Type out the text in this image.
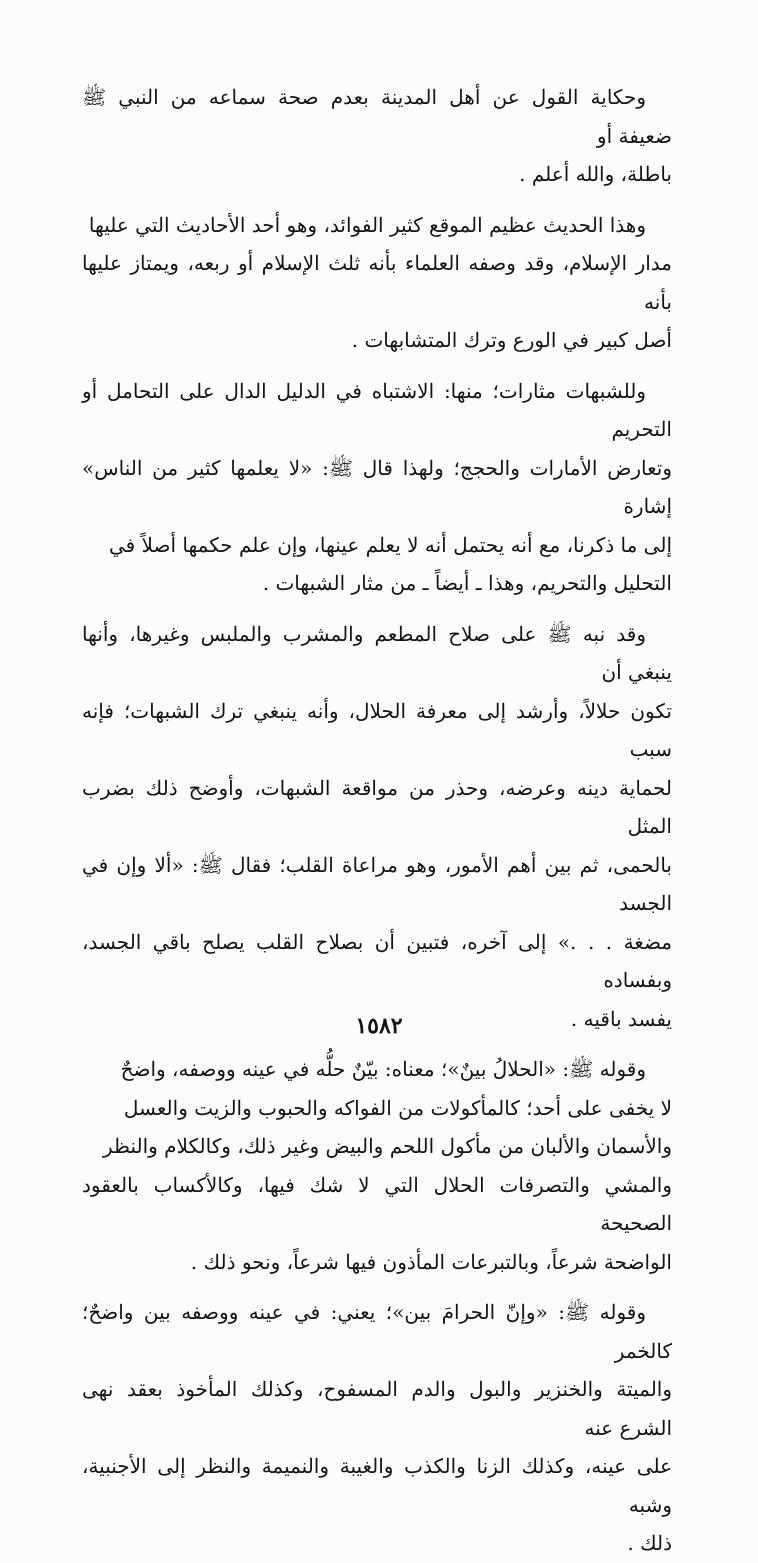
وحكاية القول عن أهل المدينة بعدم صحة سماعه من النبي ﷺ ضعيفة أو
باطلة، والله أعلم .
وهذا الحديث عظيم الموقع كثير الفوائد، وهو أحد الأحاديث التي عليها
مدار الإسلام، وقد وصفه العلماء بأنه ثلث الإسلام أو ربعه، ويمتاز عليها بأنه
أصل كبير في الورع وترك المتشابهات .
وللشبهات مثارات؛ منها: الاشتباه في الدليل الدال على التحامل أو التحريم
وتعارض الأمارات والحجج؛ ولهذا قال ﷺ: «لا يعلمها كثير من الناس» إشارة
إلى ما ذكرنا، مع أنه يحتمل أنه لا يعلم عينها، وإن علم حكمها أصلاً في
التحليل والتحريم، وهذا ـ أيضاً ـ من مثار الشبهات .
وقد نبه ﷺ على صلاح المطعم والمشرب والملبس وغيرها، وأنها ينبغي أن
تكون حلالاً، وأرشد إلى معرفة الحلال، وأنه ينبغي ترك الشبهات؛ فإنه سبب
لحماية دينه وعرضه، وحذر من مواقعة الشبهات، وأوضح ذلك بضرب المثل
بالحمى، ثم بين أهم الأمور، وهو مراعاة القلب؛ فقال ﷺ: «ألا وإن في الجسد
مضغة . . .» إلى آخره، فتبين أن بصلاح القلب يصلح باقي الجسد، وبفساده
يفسد باقيه .
وقوله ﷺ: «الحلالُ بينٌ»؛ معناه: بيّنٌ حلُّه في عينه ووصفه، واضحٌ
لا يخفى على أحد؛ كالمأكولات من الفواكه والحبوب والزيت والعسل
والأسمان والألبان من مأكول اللحم والبيض وغير ذلك، وكالكلام والنظر
والمشي والتصرفات الحلال التي لا شك فيها، وكالأكساب بالعقود الصحيحة
الواضحة شرعاً، وبالتبرعات المأذون فيها شرعاً، ونحو ذلك .
وقوله ﷺ: «وإنّ الحرامَ بين»؛ يعني: في عينه ووصفه بين واضحٌ؛ كالخمر
والميتة والخنزير والبول والدم المسفوح، وكذلك المأخوذ بعقد نهى الشرع عنه
على عينه، وكذلك الزنا والكذب والغيبة والنميمة والنظر إلى الأجنبية، وشبه
ذلك .
١٥٨٢
